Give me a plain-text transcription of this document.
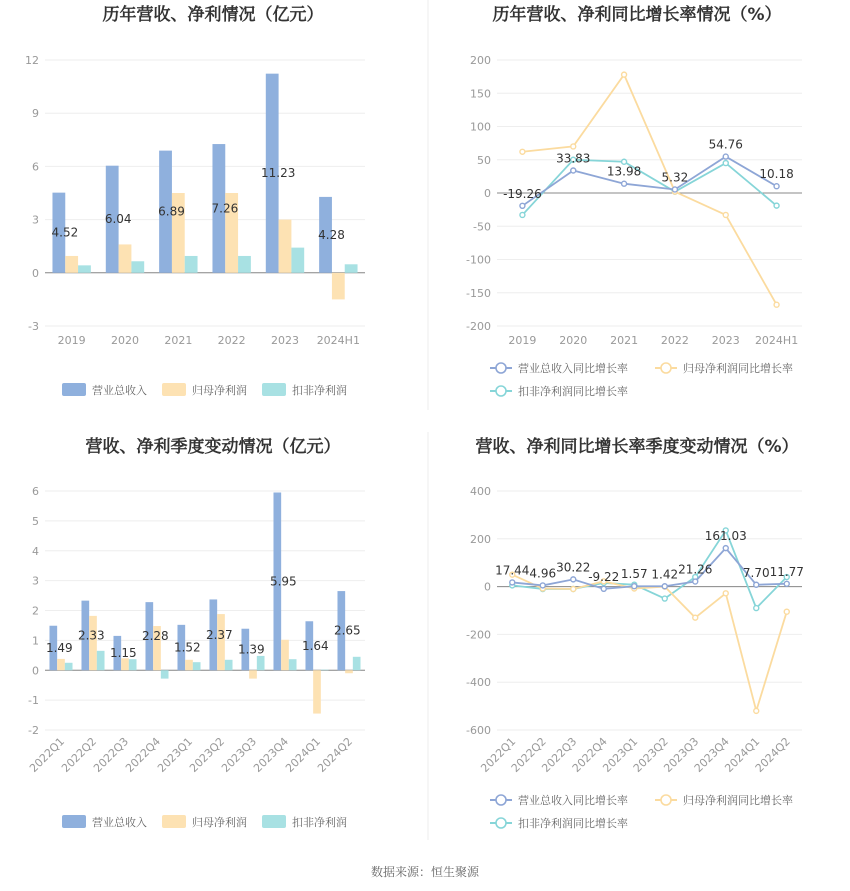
数据来源：恒生聚源
历年营收、净利情况（亿元）
-3
0
3
6
9
12
2019 2020 2021 2022 2023 2024H1
4.52
6.04
6.89 7.26
11.23
4.28
营业总收入	归母净利润	扣非净利润
历年营收、净利同比增长率情况（%）
-200
-150
-100
-50
0
50
100
150
200
2019 2020 2021 2022 2023 2024H1
-19.26
33.83
13.98 5.32
54.76
10.18
营业总收入同比增长率	归母净利润同比增长率
扣非净利润同比增长率
营收、净利季度变动情况（亿元）
-2
-1
0
1
2
3
4
5
6
2022Q1
2022Q2
2022Q3
2022Q4
2023Q1
2023Q2
2023Q3
2023Q4
2024Q1
2024Q2
1.49
2.33
1.15
2.28
1.52
2.37
1.39
5.95
1.64
2.65
营业总收入	归母净利润	扣非净利润
营收、净利同比增长率季度变动情况（%）
-600
-400
-200
0
200
400
2022Q1
2022Q2
2022Q3
2022Q4
2023Q1
2023Q2
2023Q3
2023Q4
2024Q1
2024Q2
17.44 4.96 30.22
-9.22 1.57 1.42 21.26
161.03
7.70 11.77
营业总收入同比增长率	归母净利润同比增长率
扣非净利润同比增长率
